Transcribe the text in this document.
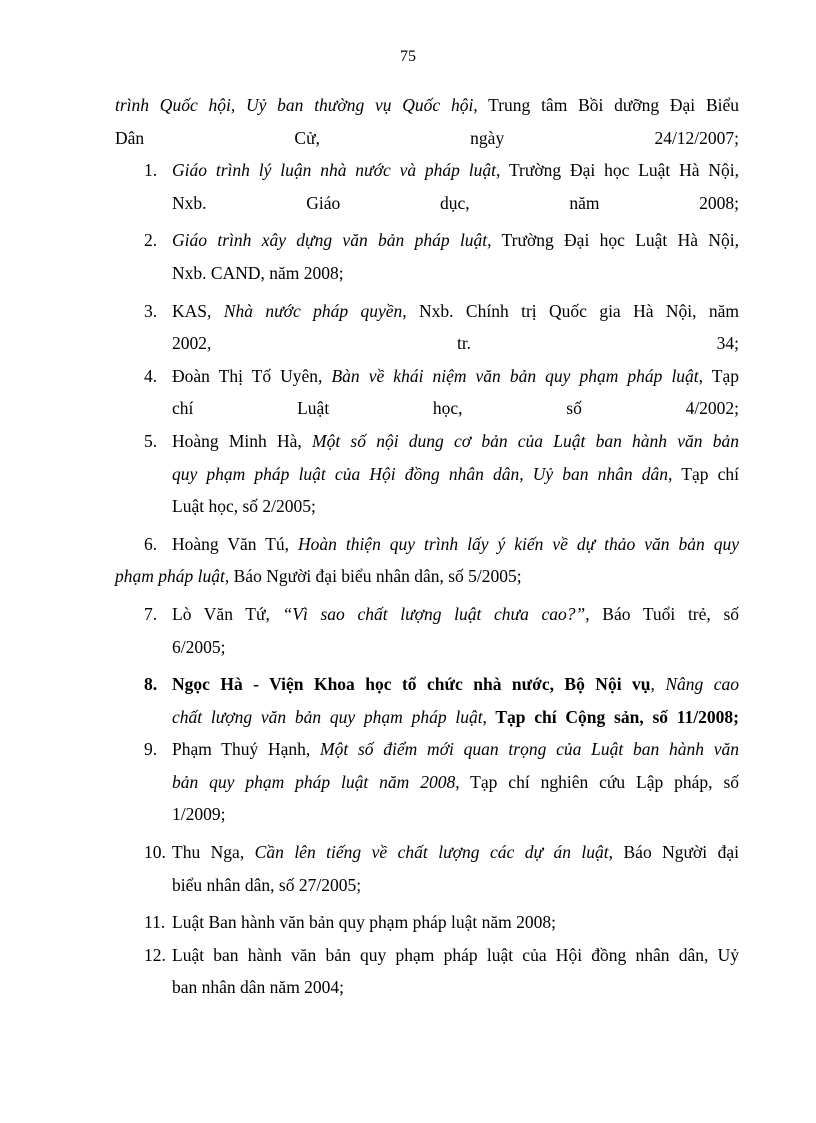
75
trình Quốc hội, Uỷ ban thường vụ Quốc hội, Trung tâm Bồi dưỡng Đại Biểu
Dân	Cử,	ngày	24/12/2007;
1. Giáo trình lý luận nhà nước và pháp luật, Trường Đại học Luật Hà Nội,
Nxb.	Giáo	dục,	năm	2008;
2. Giáo trình xây dựng văn bản pháp luật, Trường Đại học Luật Hà Nội,
Nxb. CAND, năm 2008;
3. KAS, Nhà nước pháp quyền, Nxb. Chính trị Quốc gia Hà Nội, năm
2002,	tr.	34;
4. Đoàn Thị Tố Uyên, Bàn về khái niệm văn bản quy phạm pháp luật, Tạp
chí	Luật	học,	số	4/2002;
5. Hoàng Minh Hà, Một số nội dung cơ bản của Luật ban hành văn bản
quy phạm pháp luật của Hội đồng nhân dân, Uỷ ban nhân dân, Tạp chí
Luật học, số 2/2005;
6. Hoàng Văn Tú, Hoàn thiện quy trình lấy ý kiến về dự thảo văn bản quy
phạm pháp luật, Báo Người đại biểu nhân dân, số 5/2005;
7. Lò Văn Tứ, “Vì sao chất lượng luật chưa cao?”, Báo Tuổi trẻ, số
6/2005;
8. Ngọc Hà - Viện Khoa học tổ chức nhà nước, Bộ Nội vụ, Nâng cao
chất lượng văn bản quy phạm pháp luật, Tạp chí Cộng sản, số 11/2008;
9. Phạm Thuý Hạnh, Một số điểm mới quan trọng của Luật ban hành văn
bản quy phạm pháp luật năm 2008, Tạp chí nghiên cứu Lập pháp, số
1/2009;
10. Thu Nga, Cần lên tiếng về chất lượng các dự án luật, Báo Người đại
biểu nhân dân, số 27/2005;
11. Luật Ban hành văn bản quy phạm pháp luật năm 2008;
12. Luật ban hành văn bản quy phạm pháp luật của Hội đồng nhân dân, Uỷ
ban nhân dân năm 2004;
